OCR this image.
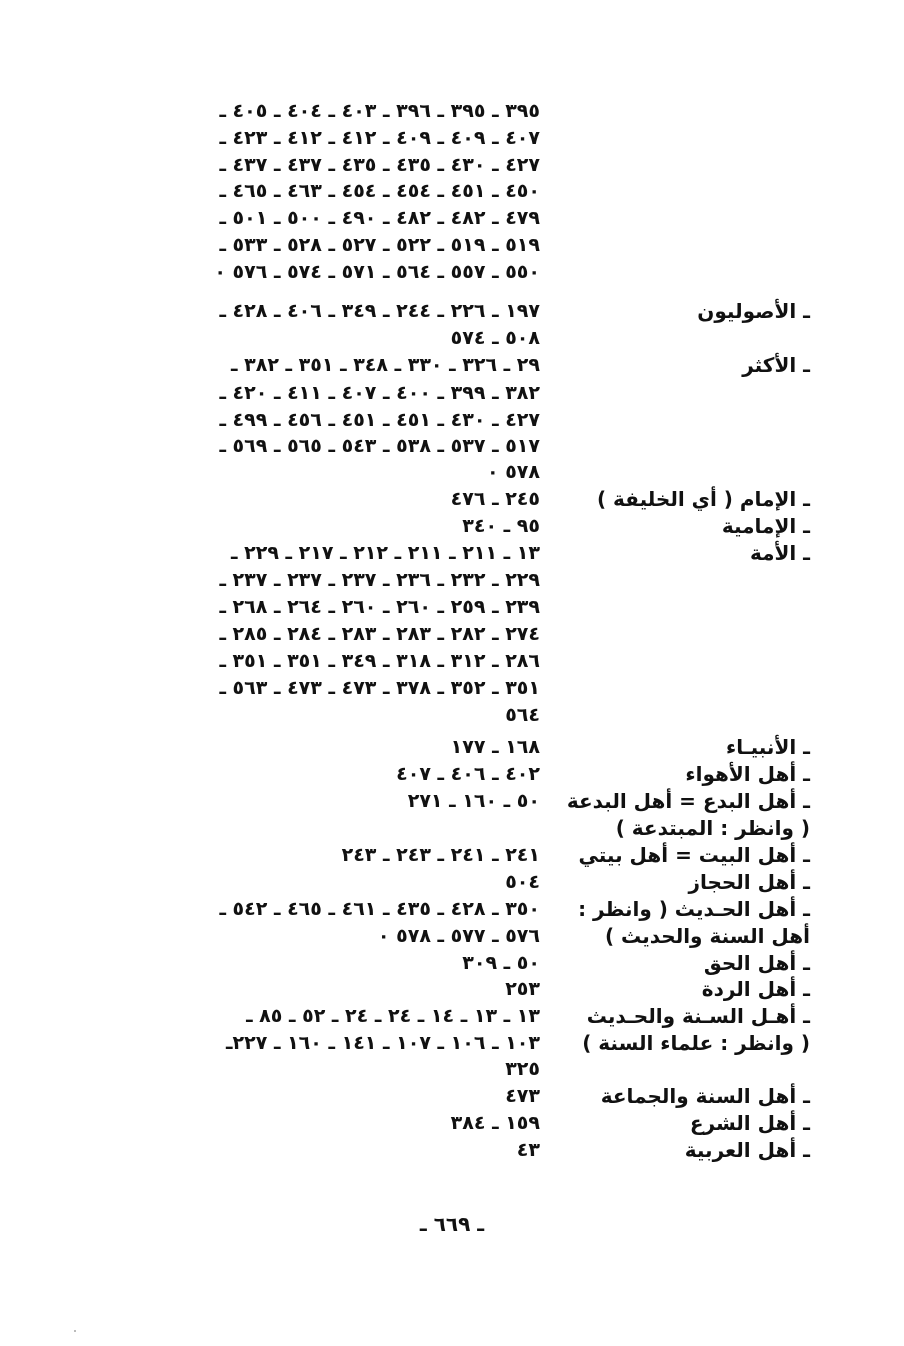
٣٩٥ ـ ٣٩٥ ـ ٣٩٦ ـ ٤٠٣ ـ ٤٠٤ ـ ٤٠٥ ـ
٤٠٧ ـ ٤٠٩ ـ ٤٠٩ ـ ٤١٢ ـ ٤١٢ ـ ٤٢٣ ـ
٤٢٧ ـ ٤٣٠ ـ ٤٣٥ ـ ٤٣٥ ـ ٤٣٧ ـ ٤٣٧ ـ
٤٥٠ ـ ٤٥١ ـ ٤٥٤ ـ ٤٥٤ ـ ٤٦٣ ـ ٤٦٥ ـ
٤٧٩ ـ ٤٨٢ ـ ٤٨٢ ـ ٤٩٠ ـ ٥٠٠ ـ ٥٠١ ـ
٥١٩ ـ ٥١٩ ـ ٥٢٢ ـ ٥٢٧ ـ ٥٢٨ ـ ٥٣٣ ـ
٥٥٠ ـ ٥٥٧ ـ ٥٦٤ ـ ٥٧١ ـ ٥٧٤ ـ ٥٧٦ ٠
ـ الأصوليون
١٩٧ ـ ٢٢٦ ـ ٢٤٤ ـ ٣٤٩ ـ ٤٠٦ ـ ٤٢٨ ـ
٥٠٨ ـ ٥٧٤
ـ الأكثر
٢٩ ـ ٣٢٦ ـ ٣٣٠ ـ ٣٤٨ ـ ٣٥١ ـ ٣٨٢ ـ
٣٨٢ ـ ٣٩٩ ـ ٤٠٠ ـ ٤٠٧ ـ ٤١١ ـ ٤٢٠ ـ
٤٢٧ ـ ٤٣٠ ـ ٤٥١ ـ ٤٥١ ـ ٤٥٦ ـ ٤٩٩ ـ
٥١٧ ـ ٥٣٧ ـ ٥٣٨ ـ ٥٤٣ ـ ٥٦٥ ـ ٥٦٩ ـ
٥٧٨ ٠
ـ الإمام ( أي الخليفة )
٢٤٥ ـ ٤٧٦
ـ الإمامية
٩٥ ـ ٣٤٠
ـ الأمة
١٣ ـ ٢١١ ـ ٢١١ ـ ٢١٢ ـ ٢١٧ ـ ٢٢٩ ـ
٢٢٩ ـ ٢٣٢ ـ ٢٣٦ ـ ٢٣٧ ـ ٢٣٧ ـ ٢٣٧ ـ
٢٣٩ ـ ٢٥٩ ـ ٢٦٠ ـ ٢٦٠ ـ ٢٦٤ ـ ٢٦٨ ـ
٢٧٤ ـ ٢٨٢ ـ ٢٨٣ ـ ٢٨٣ ـ ٢٨٤ ـ ٢٨٥ ـ
٢٨٦ ـ ٣١٢ ـ ٣١٨ ـ ٣٤٩ ـ ٣٥١ ـ ٣٥١ ـ
٣٥١ ـ ٣٥٢ ـ ٣٧٨ ـ ٤٧٣ ـ ٤٧٣ ـ ٥٦٣ ـ
٥٦٤
ـ الأنبيـاء
١٦٨ ـ ١٧٧
ـ أهل الأهواء
٤٠٢ ـ ٤٠٦ ـ ٤٠٧
ـ أهل البدع = أهل البدعة
٥٠ ـ ١٦٠ ـ ٢٧١
( وانظر : المبتدعة )
ـ أهل البيت = أهل بيتي
٢٤١ ـ ٢٤١ ـ ٢٤٣ ـ ٢٤٣
ـ أهل الحجاز
٥٠٤
ـ أهل الحـديث ( وانظر :
٣٥٠ ـ ٤٢٨ ـ ٤٣٥ ـ ٤٦١ ـ ٤٦٥ ـ ٥٤٢ ـ
أهل السنة والحديث )
٥٧٦ ـ ٥٧٧ ـ ٥٧٨ ٠
ـ أهل الحق
٥٠ ـ ٣٠٩
ـ أهل الردة
٢٥٣
ـ أهـل السـنة والحـديث
١٣ ـ ١٣ ـ ١٤ ـ ٢٤ ـ ٢٤ ـ ٥٢ ـ ٨٥ ـ
( وانظر : علماء السنة )
١٠٣ ـ ١٠٦ ـ ١٠٧ ـ ١٤١ ـ ١٦٠ ـ ٢٢٧ـ
٣٢٥
ـ أهل السنة والجماعة
٤٧٣
ـ أهل الشرع
١٥٩ ـ ٣٨٤
ـ أهل العربية
٤٣
ـ ٦٦٩ ـ
